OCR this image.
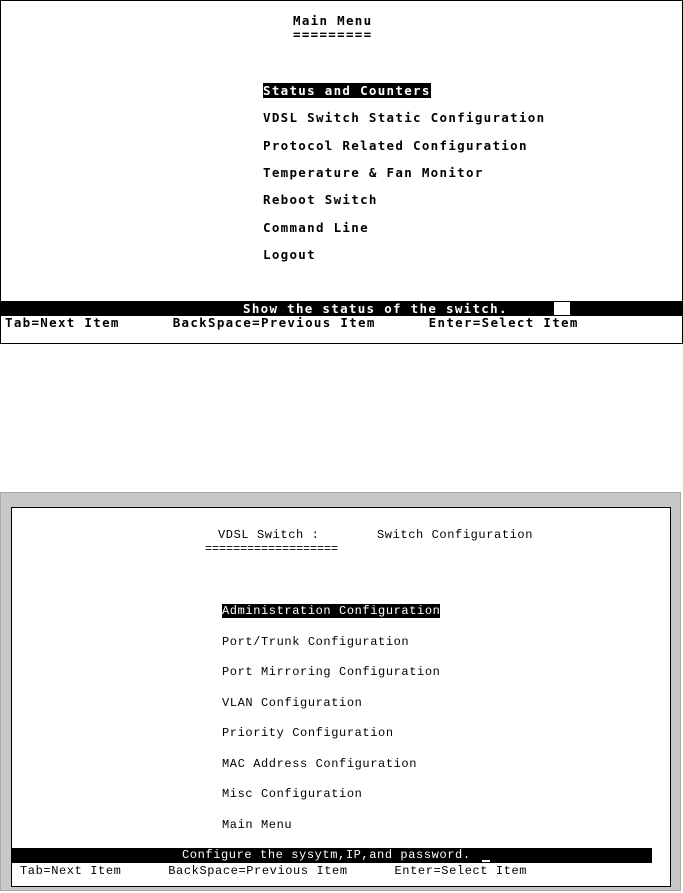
Main Menu
=========
Status and Counters
VDSL Switch Static Configuration
Protocol Related Configuration
Temperature & Fan Monitor
Reboot Switch
Command Line
Logout
Show the status of the switch.
Tab=Next Item	BackSpace=Previous Item	Enter=Select Item
VDSL Switch :	Switch Configuration
===================
Administration Configuration
Port/Trunk Configuration
Port Mirroring Configuration
VLAN Configuration
Priority Configuration
MAC Address Configuration
Misc Configuration
Main Menu
Configure the sysytm,IP,and password.
Tab=Next Item	BackSpace=Previous Item	Enter=Select Item
